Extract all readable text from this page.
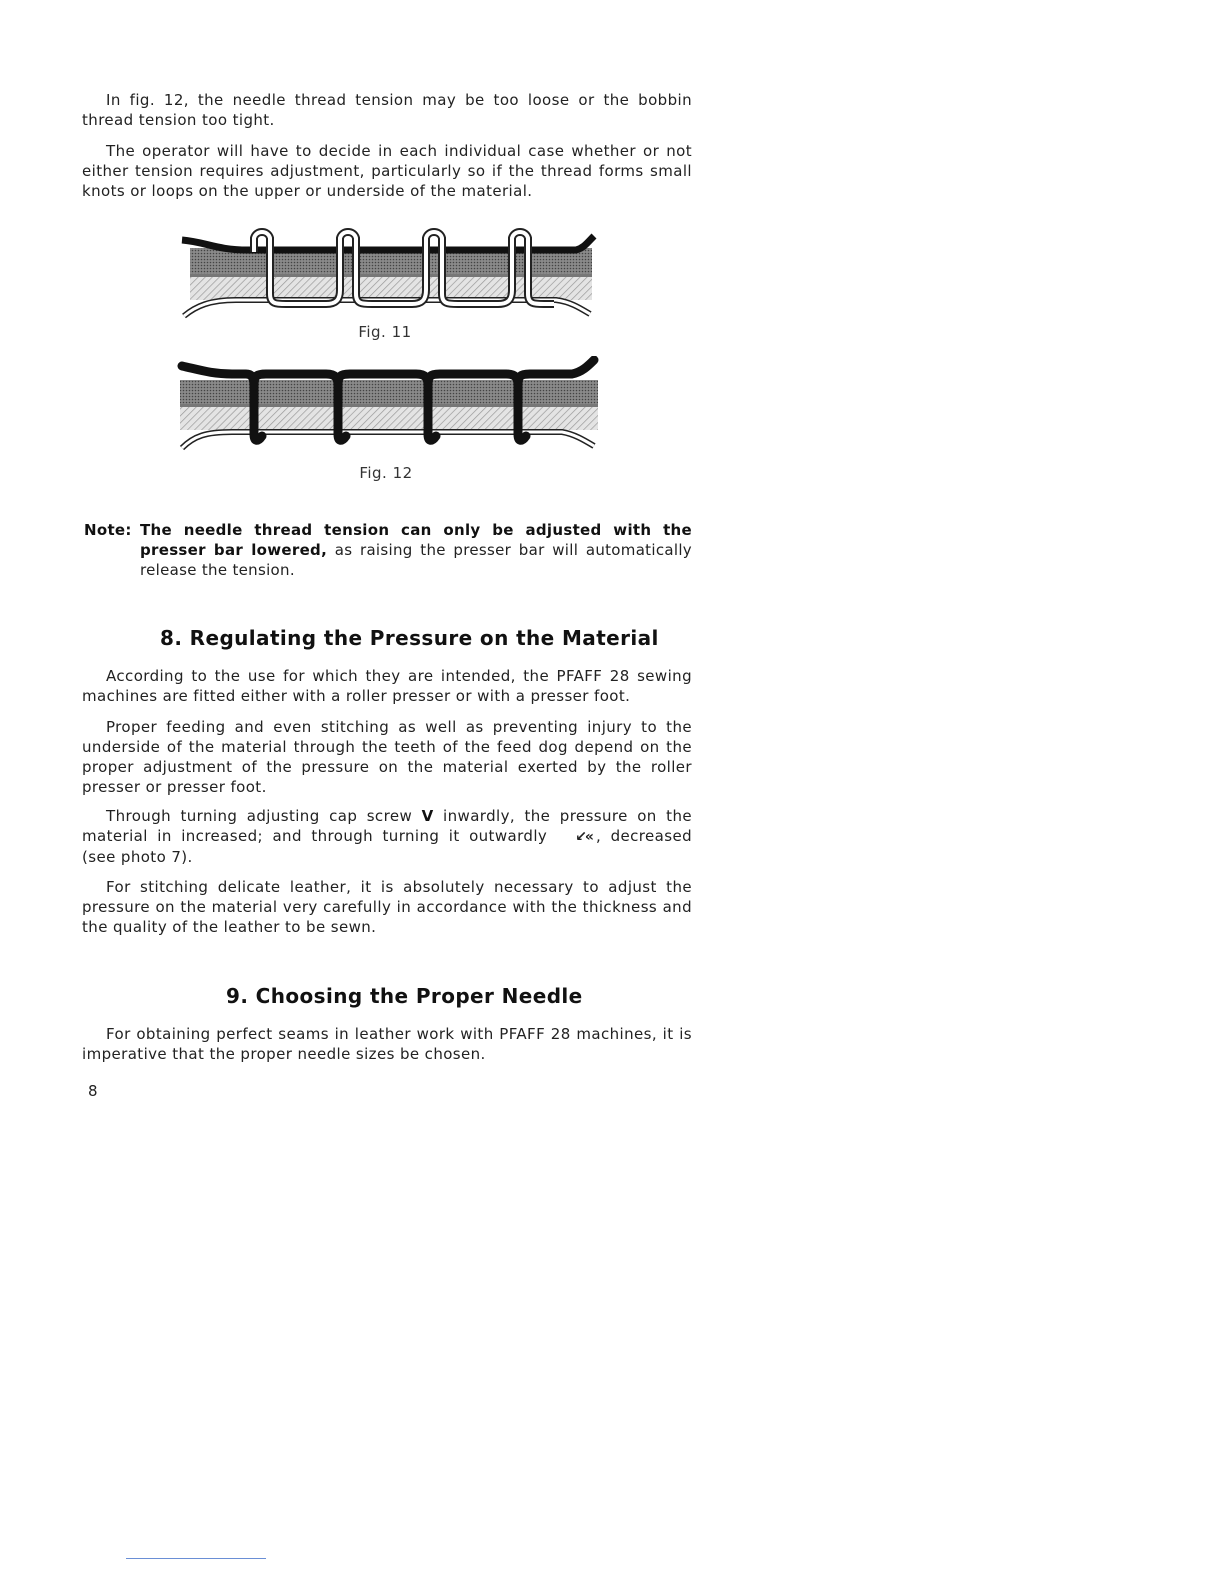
In fig. 12, the needle thread tension may be too loose or the bobbin thread tension too tight.

The operator will have to decide in each individual case whether or not either tension requires adjustment, particularly so if the thread forms small knots or loops on the upper or underside of the material.

Fig. 11
Fig. 12
Note: The needle thread tension can only be adjusted with the presser bar lowered, as raising the presser bar will automatically release the tension.
8. Regulating the Pressure on the Material

According to the use for which they are intended, the PFAFF 28 sewing machines are fitted either with a roller presser or with a presser foot.

Proper feeding and even stitching as well as preventing injury to the underside of the material through the teeth of the feed dog depend on the proper adjustment of the pressure on the material exerted by the roller presser or presser foot.

Through turning adjusting cap screw V inwardly, the pressure on the material in increased; and through turning it outwardly ↙« , decreased (see photo 7).

For stitching delicate leather, it is absolutely necessary to adjust the pressure on the material very carefully in accordance with the thickness and the quality of the leather to be sewn.

9. Choosing the Proper Needle

For obtaining perfect seams in leather work with PFAFF 28 machines, it is imperative that the proper needle sizes be chosen.

8
